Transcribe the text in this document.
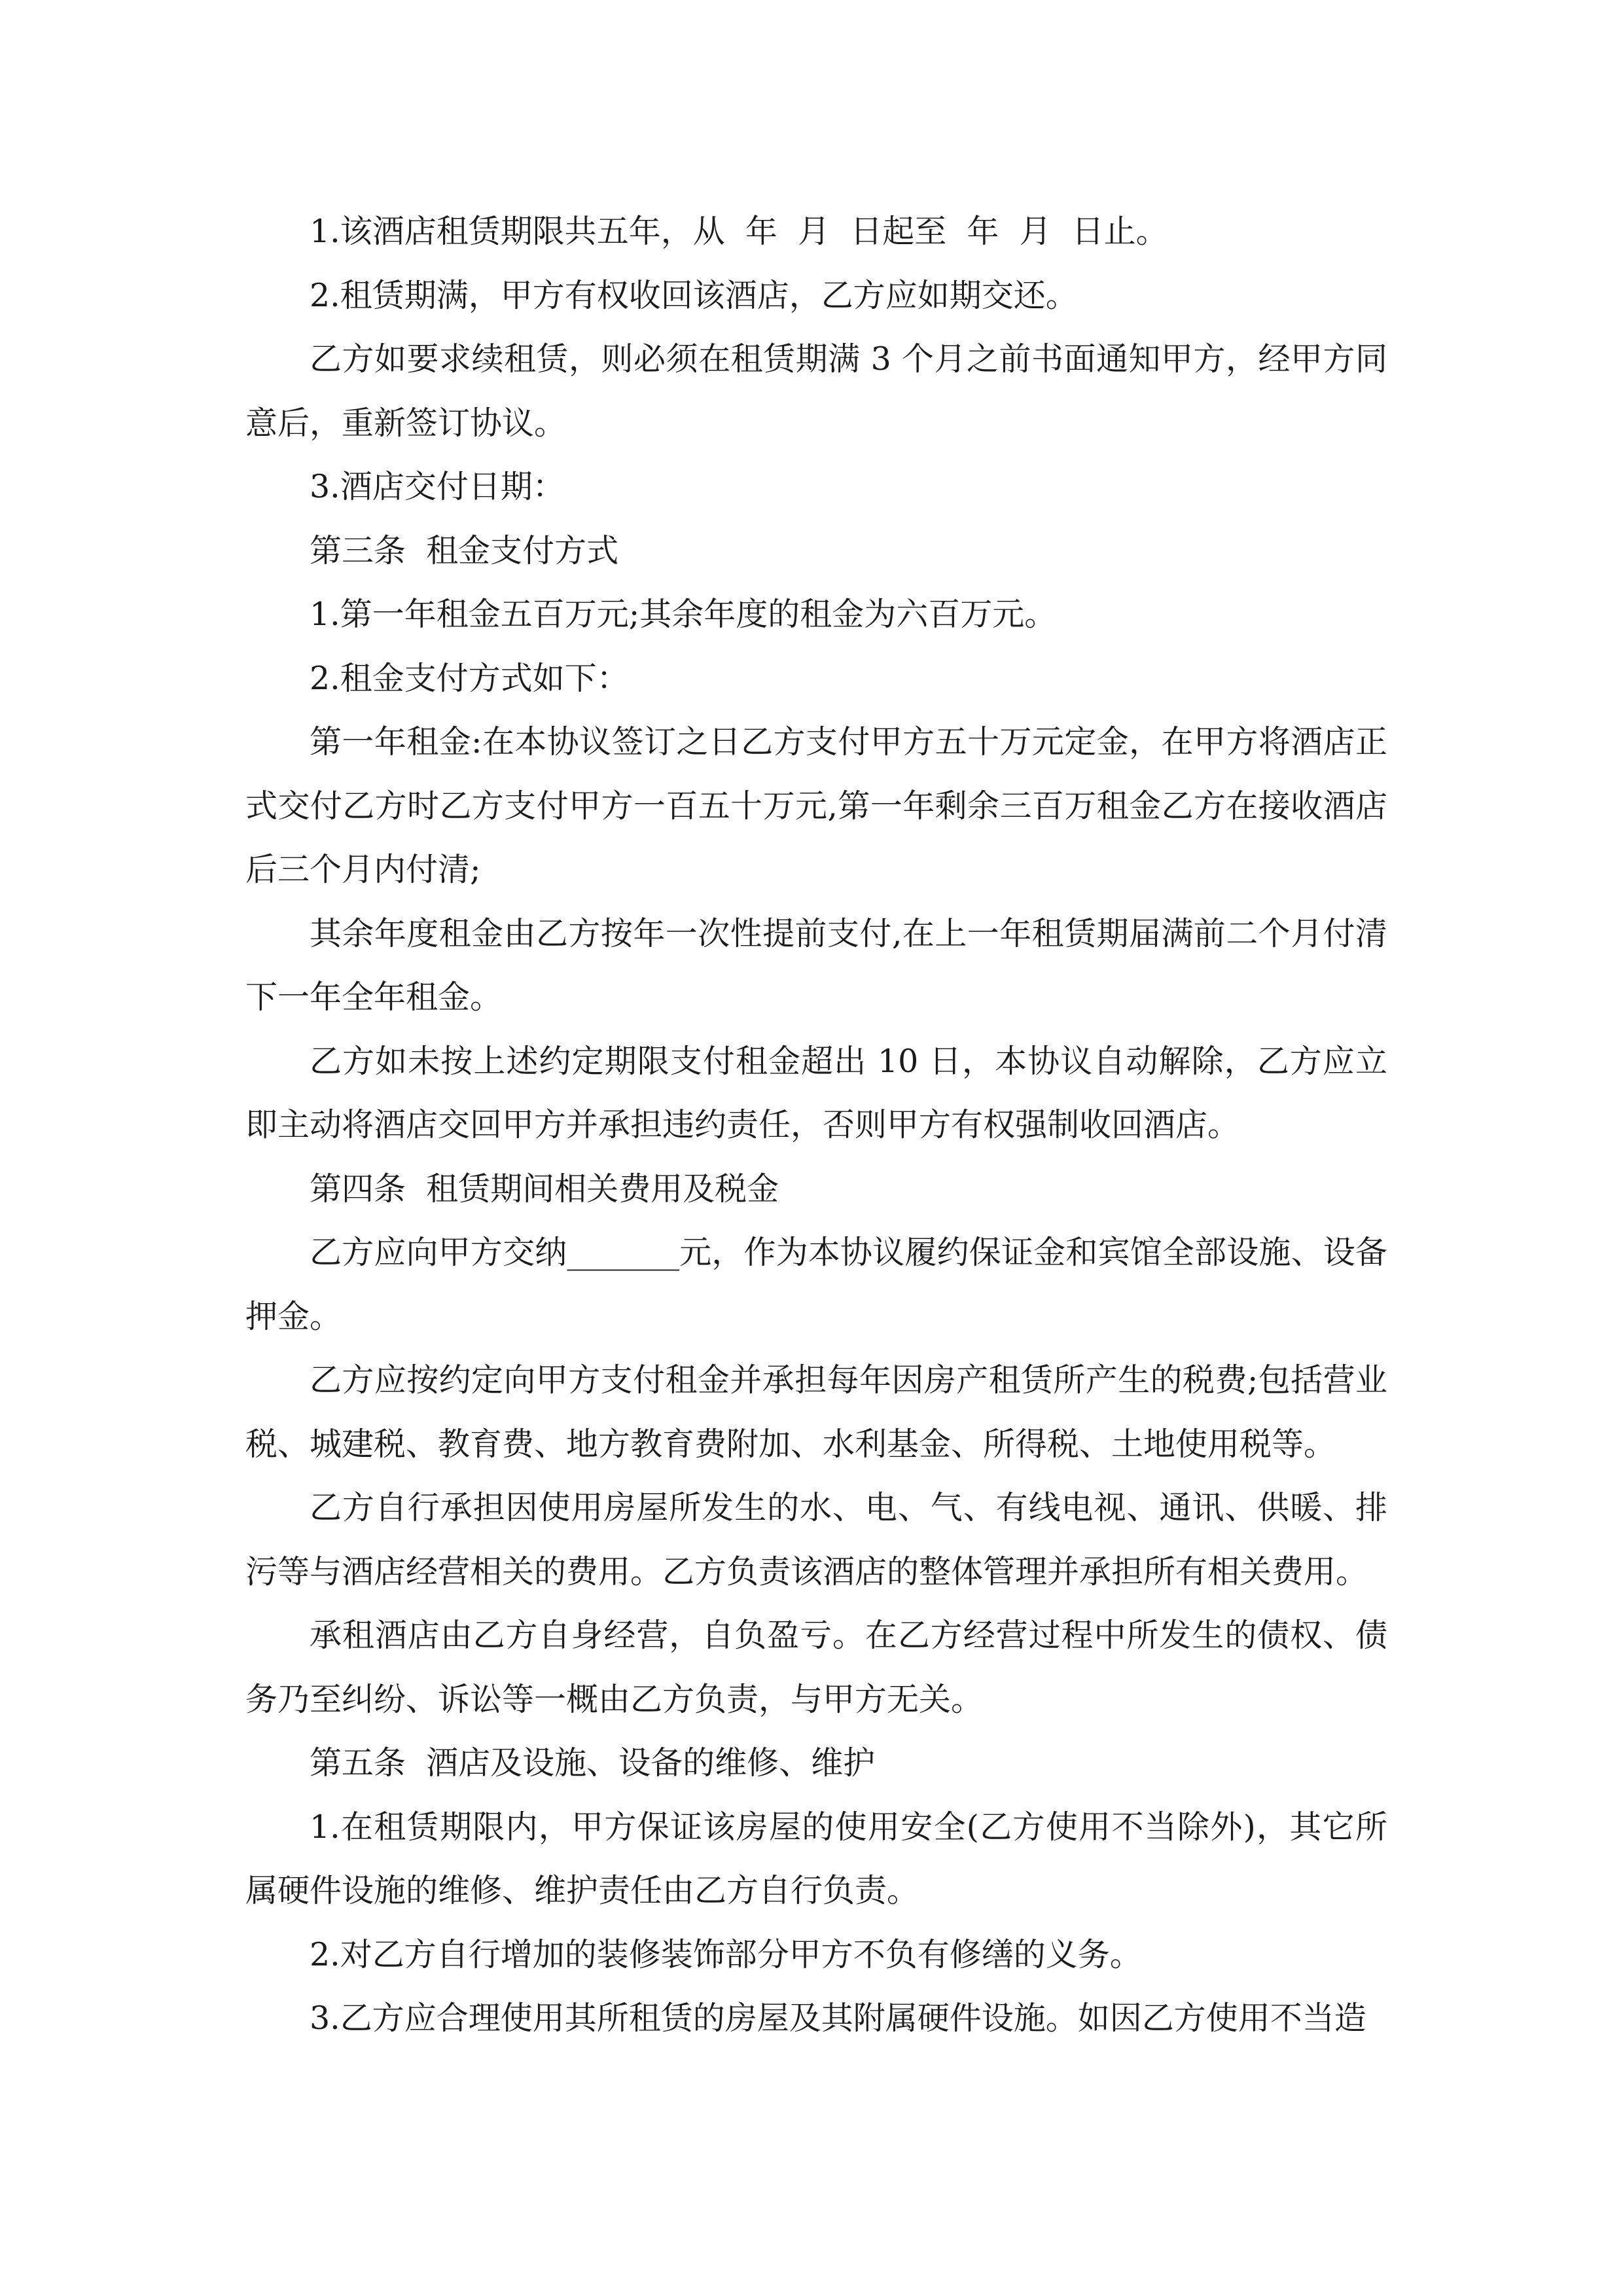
1.该酒店租赁期限共五年，从  年  月  日起至  年  月  日止。

2.租赁期满，甲方有权收回该酒店，乙方应如期交还。

乙方如要求续租赁，则必须在租赁期满 3 个月之前书面通知甲方，经甲方同意后，重新签订协议。

3.酒店交付日期：

第三条  租金支付方式

1.第一年租金五百万元;其余年度的租金为六百万元。

2.租金支付方式如下：

第一年租金:在本协议签订之日乙方支付甲方五十万元定金，在甲方将酒店正式交付乙方时乙方支付甲方一百五十万元,第一年剩余三百万租金乙方在接收酒店后三个月内付清;

其余年度租金由乙方按年一次性提前支付,在上一年租赁期届满前二个月付清下一年全年租金。

乙方如未按上述约定期限支付租金超出 10 日，本协议自动解除，乙方应立即主动将酒店交回甲方并承担违约责任，否则甲方有权强制收回酒店。

第四条  租赁期间相关费用及税金

乙方应向甲方交纳_______元，作为本协议履约保证金和宾馆全部设施、设备押金。

乙方应按约定向甲方支付租金并承担每年因房产租赁所产生的税费;包括营业税、城建税、教育费、地方教育费附加、水利基金、所得税、土地使用税等。

乙方自行承担因使用房屋所发生的水、电、气、有线电视、通讯、供暖、排污等与酒店经营相关的费用。乙方负责该酒店的整体管理并承担所有相关费用。

承租酒店由乙方自身经营，自负盈亏。在乙方经营过程中所发生的债权、债务乃至纠纷、诉讼等一概由乙方负责，与甲方无关。

第五条  酒店及设施、设备的维修、维护

1.在租赁期限内，甲方保证该房屋的使用安全(乙方使用不当除外)，其它所属硬件设施的维修、维护责任由乙方自行负责。

2.对乙方自行增加的装修装饰部分甲方不负有修缮的义务。

3.乙方应合理使用其所租赁的房屋及其附属硬件设施。如因乙方使用不当造
